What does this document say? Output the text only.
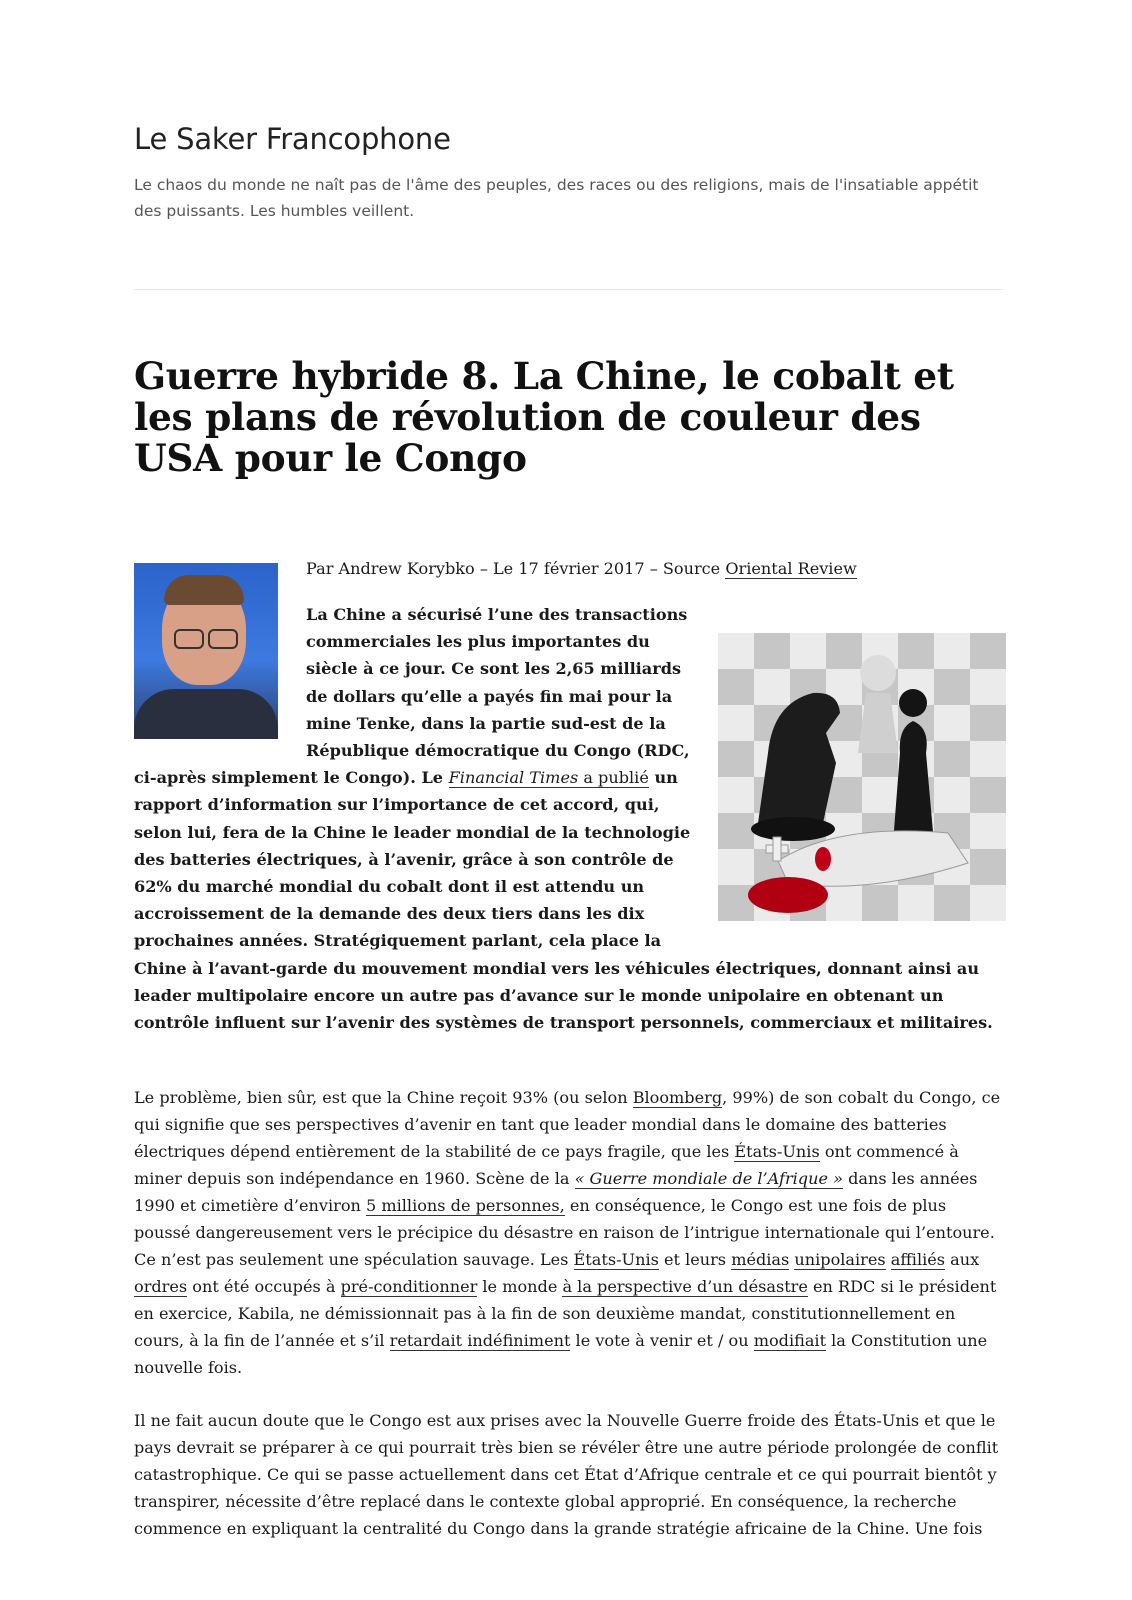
Le Saker Francophone

Le chaos du monde ne naît pas de l'âme des peuples, des races ou des religions, mais de l'insatiable appétit des puissants. Les humbles veillent.

Guerre hybride 8. La Chine, le cobalt et les plans de révolution de couleur des USA pour le Congo

Par Andrew Korybko – Le 17 février 2017 – Source Oriental Review

La Chine a sécurisé l’une des transactions commerciales les plus importantes du siècle à ce jour. Ce sont les 2,65 milliards de dollars qu’elle a payés fin mai pour la mine Tenke, dans la partie sud-est de la République démocratique du Congo (RDC, ci-après simplement le Congo). Le Financial Times a publié un rapport d’information sur l’importance de cet accord, qui, selon lui, fera de la Chine le leader mondial de la technologie des batteries électriques, à l’avenir, grâce à son contrôle de 62% du marché mondial du cobalt dont il est attendu un accroissement de la demande des deux tiers dans les dix prochaines années. Stratégiquement parlant, cela place la Chine à l’avant-garde du mouvement mondial vers les véhicules électriques, donnant ainsi au leader multipolaire encore un autre pas d’avance sur le monde unipolaire en obtenant un contrôle influent sur l’avenir des systèmes de transport personnels, commerciaux et militaires.

Le problème, bien sûr, est que la Chine reçoit 93% (ou selon Bloomberg, 99%) de son cobalt du Congo, ce qui signifie que ses perspectives d’avenir en tant que leader mondial dans le domaine des batteries électriques dépend entièrement de la stabilité de ce pays fragile, que les États-Unis ont commencé à miner depuis son indépendance en 1960. Scène de la « Guerre mondiale de l’Afrique » dans les années 1990 et cimetière d’environ 5 millions de personnes, en conséquence, le Congo est une fois de plus poussé dangereusement vers le précipice du désastre en raison de l’intrigue internationale qui l’entoure. Ce n’est pas seulement une spéculation sauvage. Les États-Unis et leurs médias unipolaires affiliés aux ordres ont été occupés à pré-conditionner le monde à la perspective d’un désastre en RDC si le président en exercice, Kabila, ne démissionnait pas à la fin de son deuxième mandat, constitutionnellement en cours, à la fin de l’année et s’il retardait indéfiniment le vote à venir et / ou modifiait la Constitution une nouvelle fois.

Il ne fait aucun doute que le Congo est aux prises avec la Nouvelle Guerre froide des États-Unis et que le pays devrait se préparer à ce qui pourrait très bien se révéler être une autre période prolongée de conflit catastrophique. Ce qui se passe actuellement dans cet État d’Afrique centrale et ce qui pourrait bientôt y transpirer, nécessite d’être replacé dans le contexte global approprié. En conséquence, la recherche commence en expliquant la centralité du Congo dans la grande stratégie africaine de la Chine. Une fois
